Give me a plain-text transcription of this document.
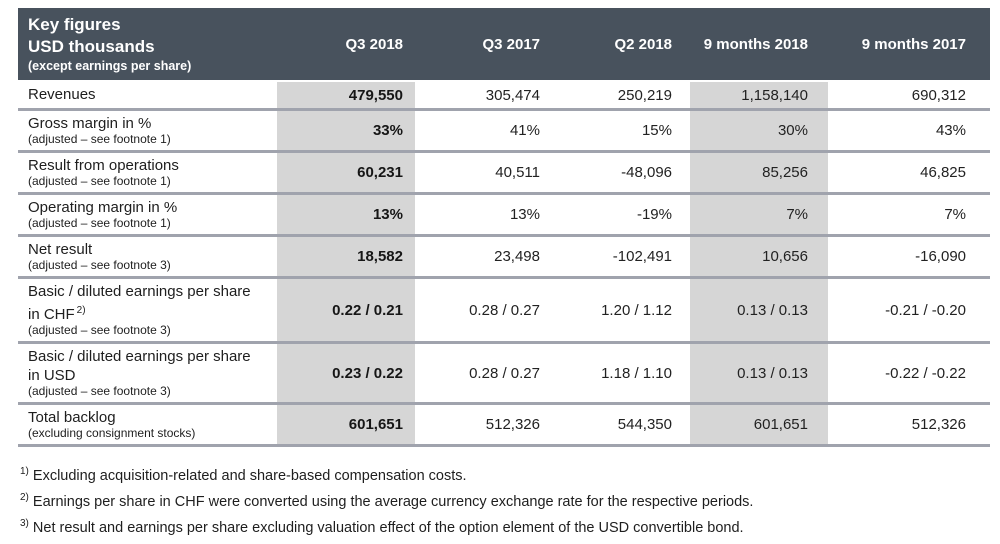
Key figures
USD thousands
(except earnings per share)	Q3 2018	Q3 2017	Q2 2018	9 months 2018	9 months 2017

Revenues	479,550	305,474	250,219	1,158,140	690,312

Gross margin in %
(adjusted – see footnote 1)	33%	41%	15%	30%	43%

Result from operations
(adjusted – see footnote 1)	60,231	40,511	-48,096	85,256	46,825

Operating margin in %
(adjusted – see footnote 1)	13%	13%	-19%	7%	7%

Net result
(adjusted – see footnote 3)	18,582	23,498	-102,491	10,656	-16,090

Basic / diluted earnings per share in CHF $^{2)}$
(adjusted – see footnote 3)	0.22 / 0.21	0.28 / 0.27	1.20 / 1.12	0.13 / 0.13	-0.21 / -0.20

Basic / diluted earnings per share in USD
(adjusted – see footnote 3)	0.23 / 0.22	0.28 / 0.27	1.18 / 1.10	0.13 / 0.13	-0.22 / -0.22

Total backlog
(excluding consignment stocks)	601,651	512,326	544,350	601,651	512,326
$^{1)}$ Excluding acquisition-related and share-based compensation costs.
$^{2)}$ Earnings per share in CHF were converted using the average currency exchange rate for the respective periods.
$^{3)}$ Net result and earnings per share excluding valuation effect of the option element of the USD convertible bond.
